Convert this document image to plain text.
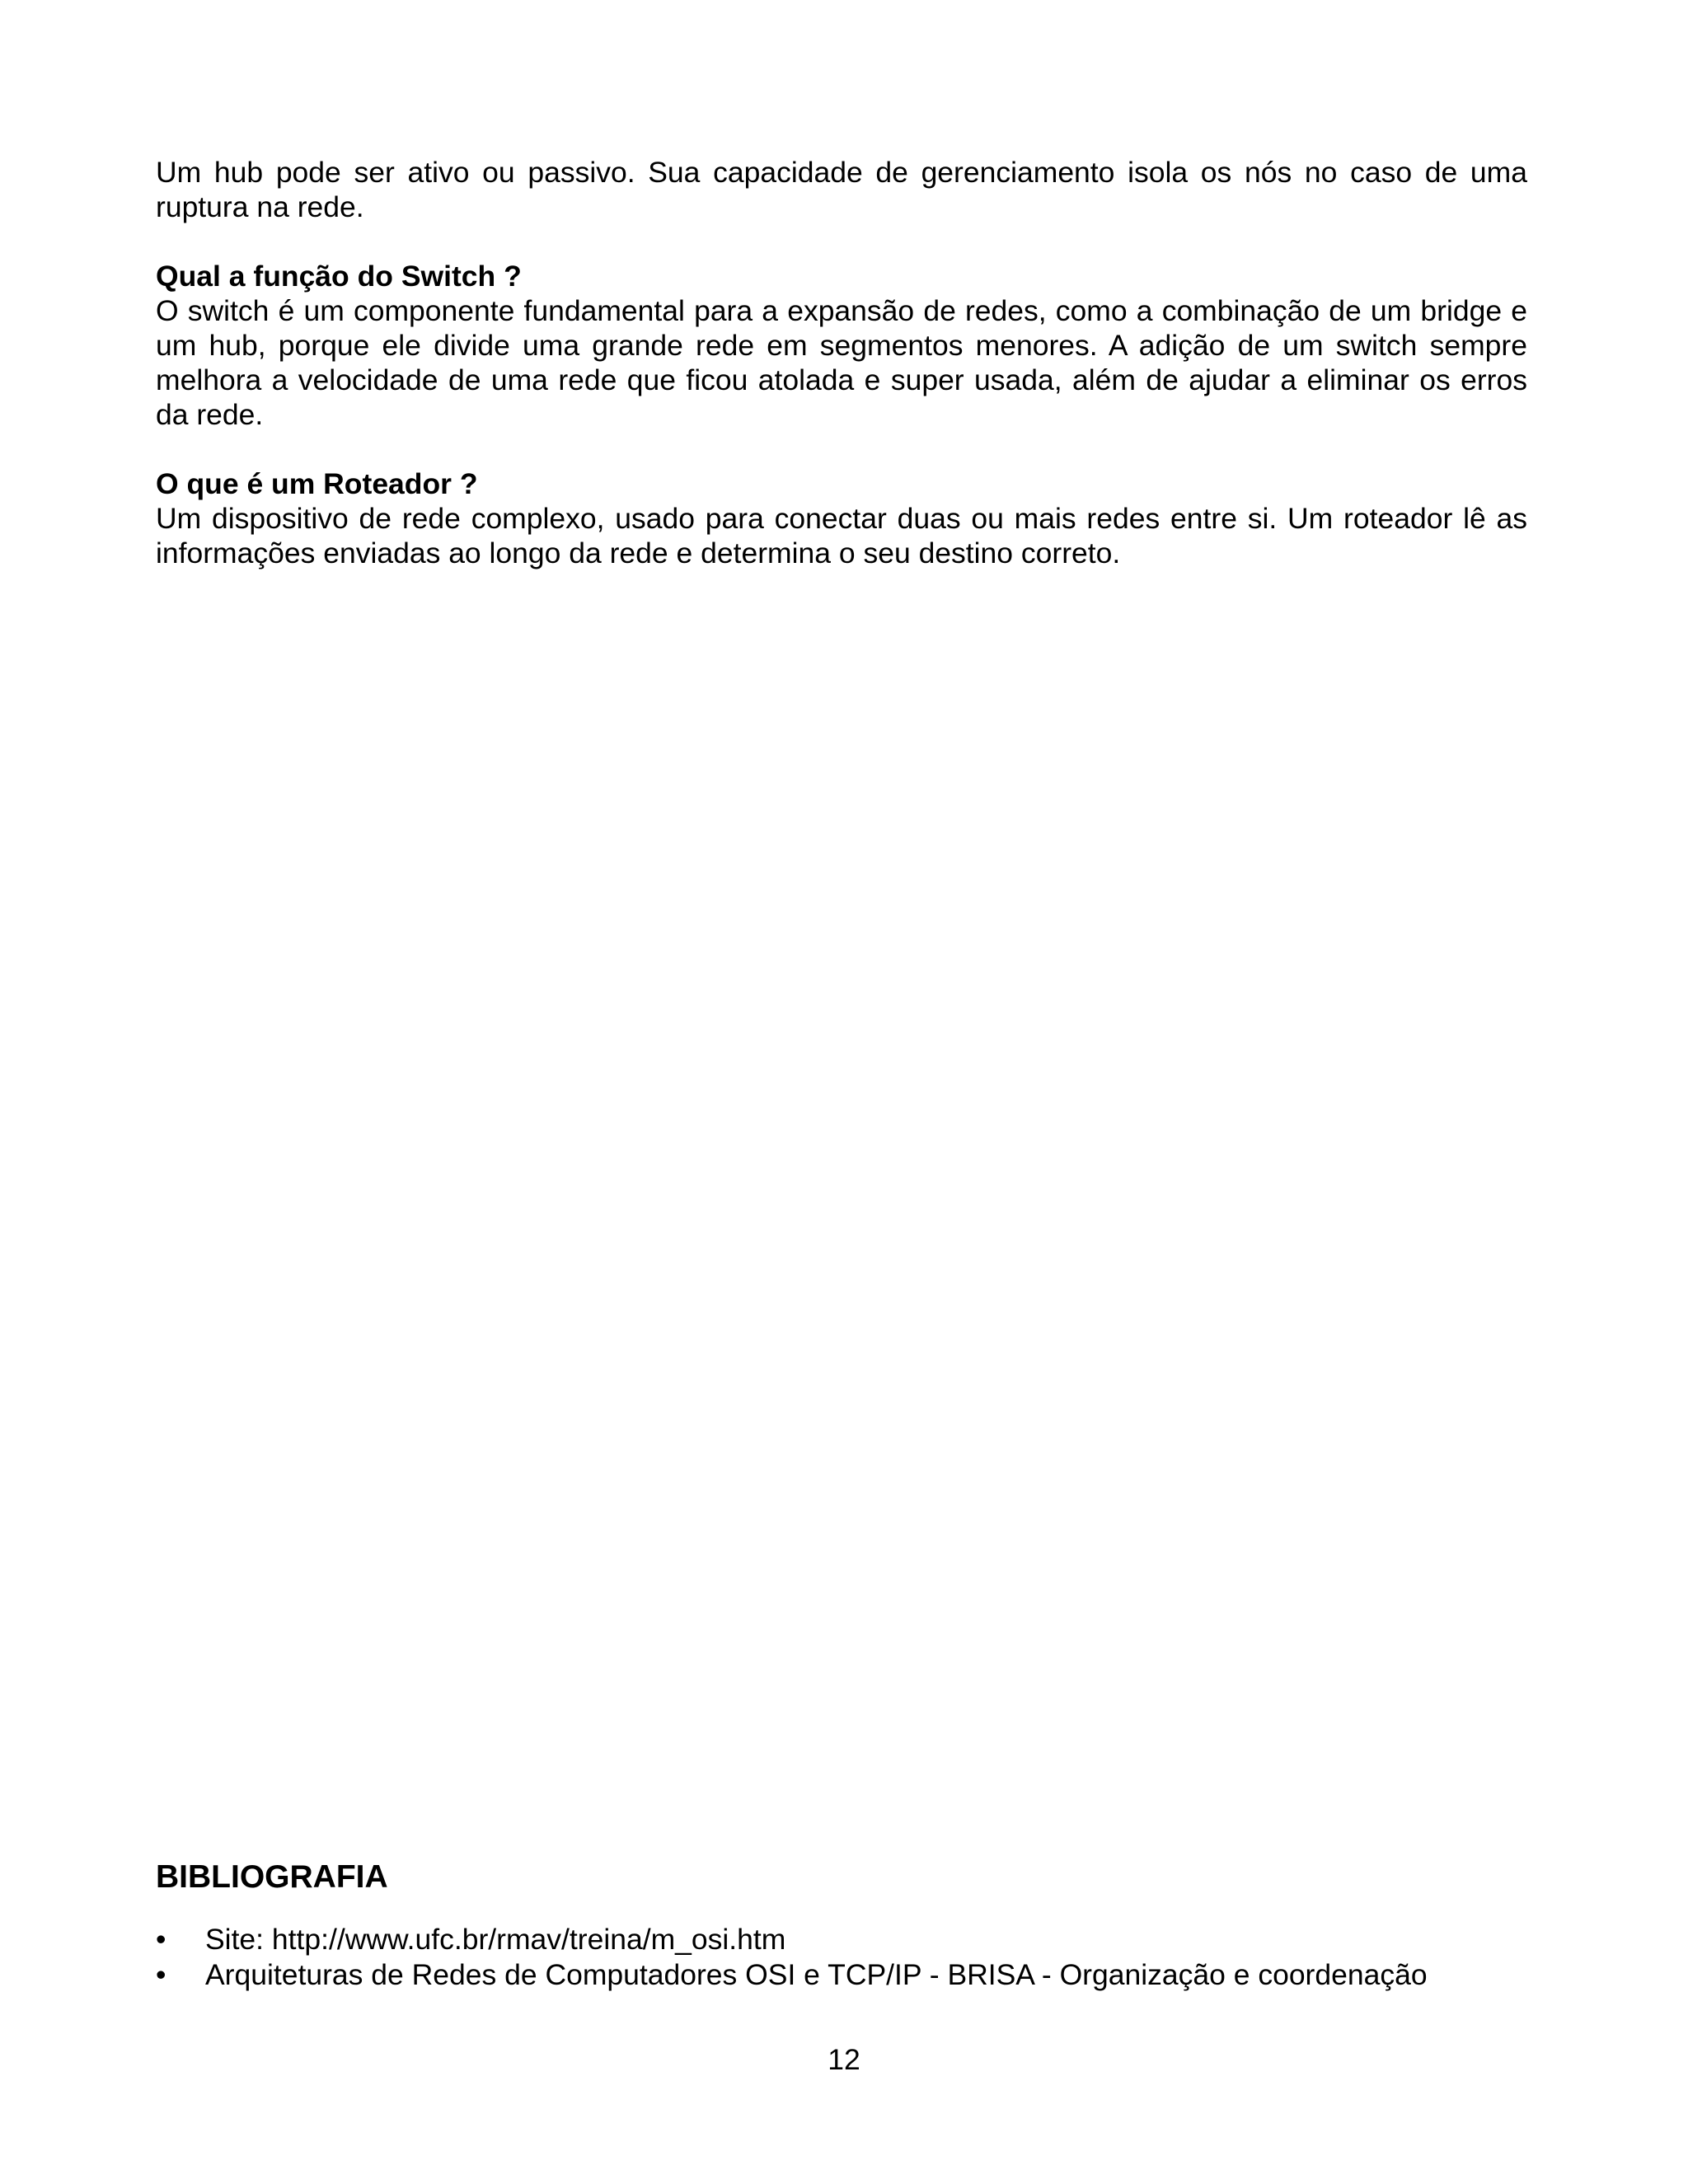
Um hub pode ser ativo ou passivo. Sua capacidade de gerenciamento isola os nós no caso de uma ruptura na rede.

Qual a função do Switch ?

O switch é um componente fundamental para a expansão de redes, como a combinação de um bridge e um hub, porque ele divide uma grande rede em segmentos menores. A adição de um switch sempre melhora a velocidade de uma rede que ficou atolada e super usada, além de ajudar a eliminar os erros da rede.

O que é um Roteador ?

Um dispositivo de rede complexo, usado para conectar duas ou mais redes entre si. Um roteador lê as informações enviadas ao longo da rede e determina o seu destino correto.

BIBLIOGRAFIA

•	Site: http://www.ufc.br/rmav/treina/m_osi.htm
•	Arquiteturas de Redes de Computadores OSI e TCP/IP - BRISA - Organização e coordenação
12
